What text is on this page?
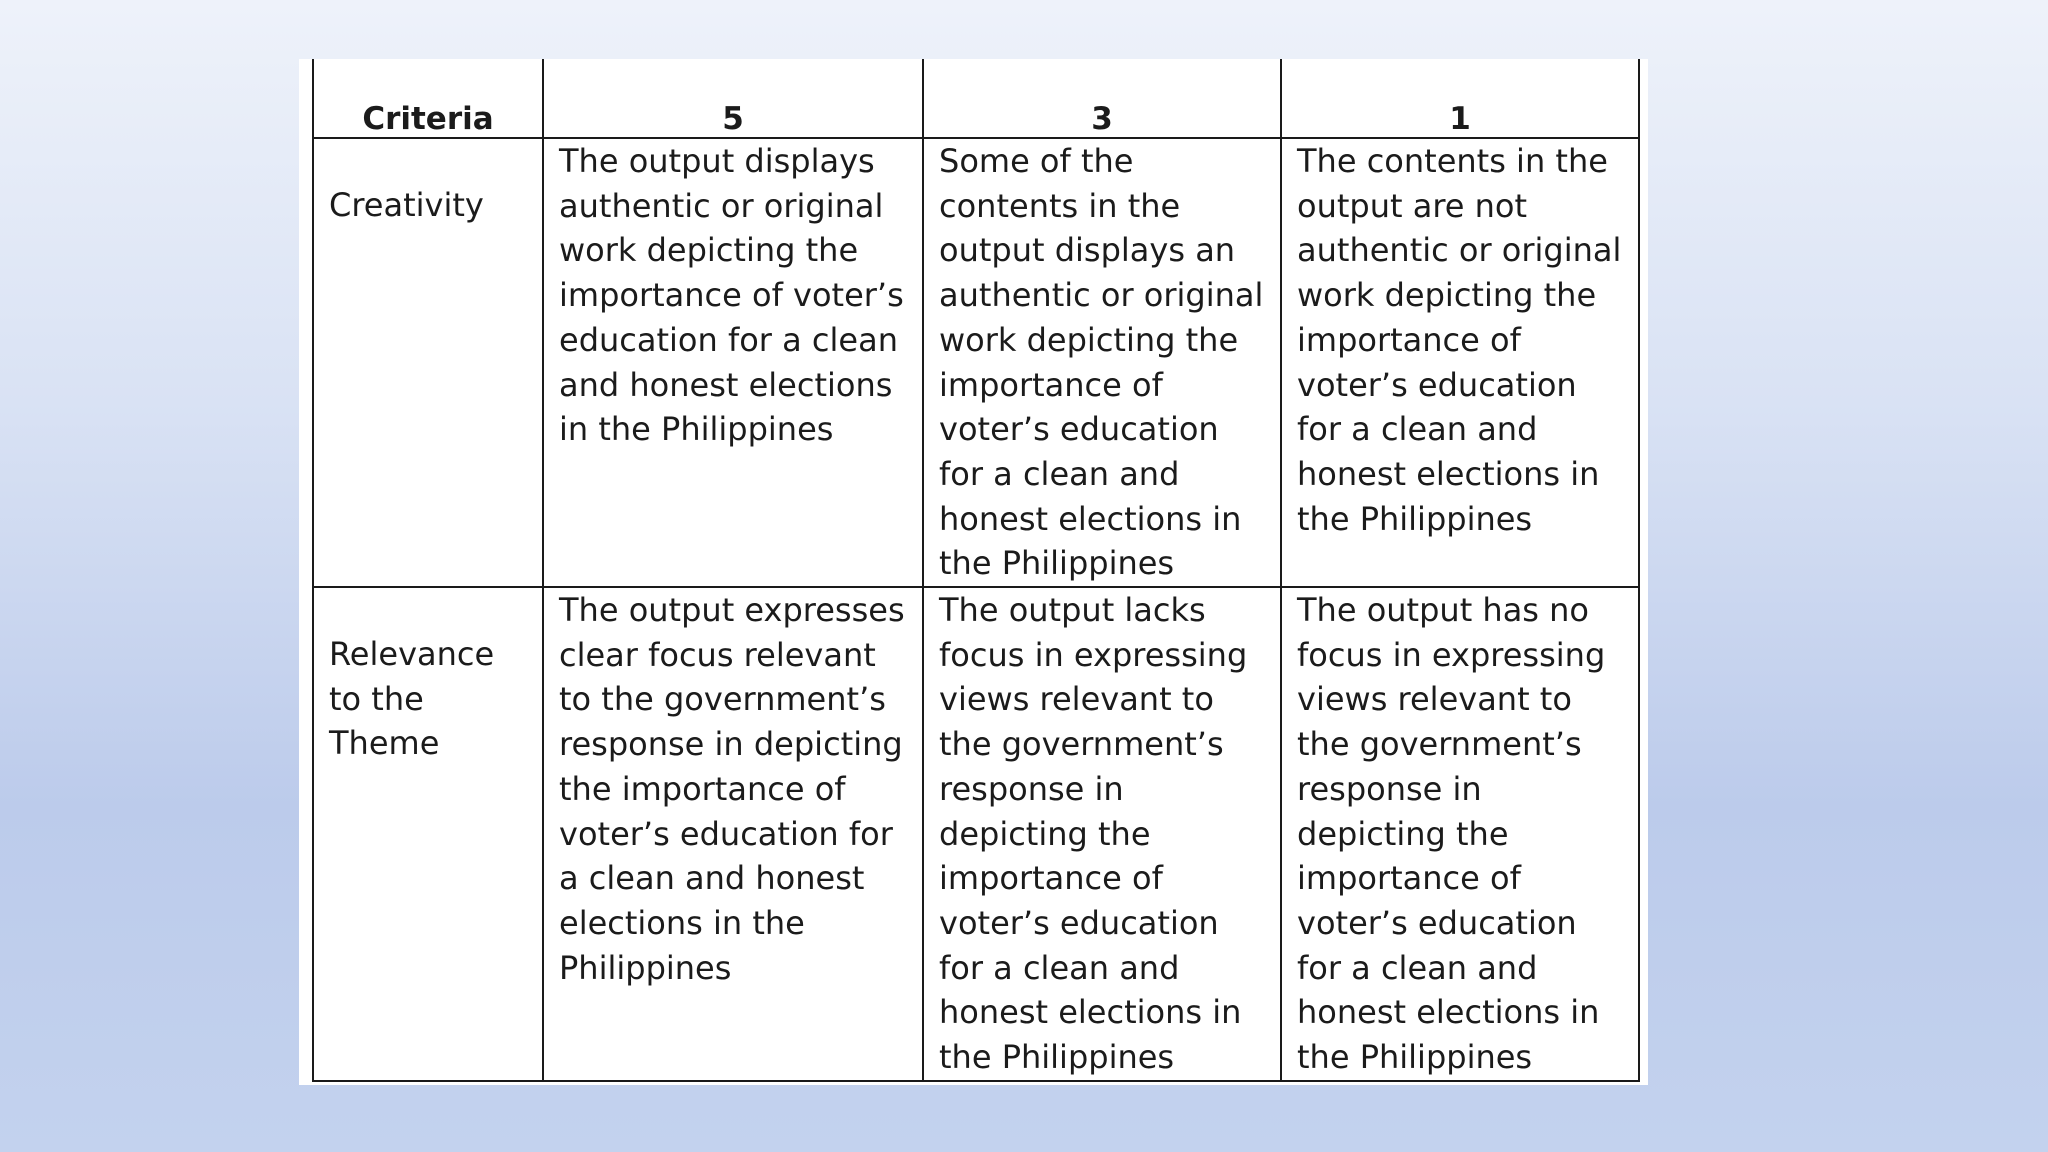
Criteria	5	3	1
Creativity	The output displays authentic or original work depicting the importance of voter’s education for a clean and honest elections in the Philippines	Some of the contents in the output displays an authentic or original work depicting the importance of voter’s education for a clean and honest elections in the Philippines	The contents in the output are not authentic or original work depicting the importance of voter’s education for a clean and honest elections in the Philippines
Relevance to the Theme	The output expresses clear focus relevant to the government’s response in depicting the importance of voter’s education for a clean and honest elections in the Philippines	The output lacks focus in expressing views relevant to the government’s response in depicting the importance of voter’s education for a clean and honest elections in the Philippines	The output has no focus in expressing views relevant to the government’s response in depicting the importance of voter’s education for a clean and honest elections in the Philippines
